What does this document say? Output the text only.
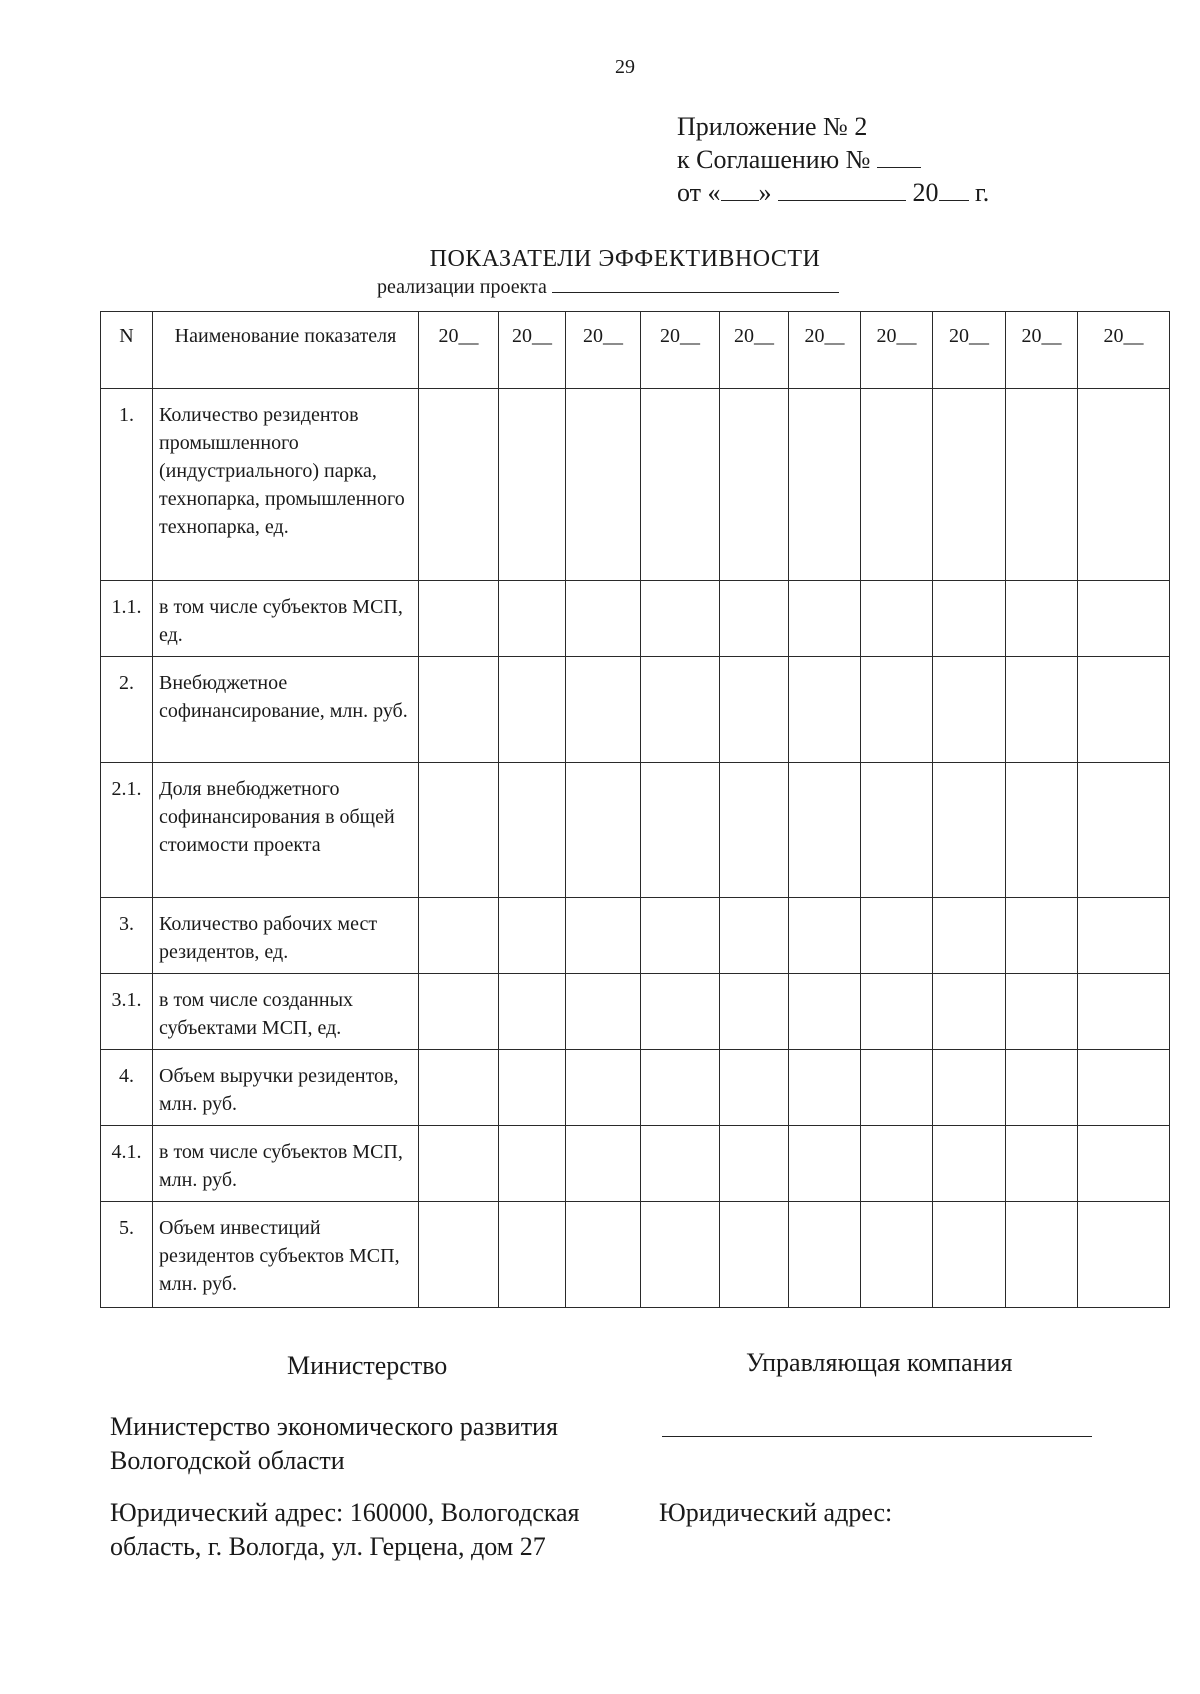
29
Приложение № 2
к Соглашению №
от « »	20 г.
ПОКАЗАТЕЛИ ЭФФЕКТИВНОСТИ
реализации проекта
N	Наименование показателя	20__	20__	20__	20__	20__	20__	20__	20__	20__	20__
1.	Количество резидентов промышленного (индустриального) парка, технопарка, промышленного технопарка, ед.										
1.1.	в том числе субъектов МСП, ед.										
2.	Внебюджетное софинансирование, млн. руб.										
2.1.	Доля внебюджетного софинансирования в общей стоимости проекта										
3.	Количество рабочих мест резидентов, ед.										
3.1.	в том числе созданных субъектами МСП, ед.										
4.	Объем выручки резидентов, млн. руб.										
4.1.	в том числе субъектов МСП, млн. руб.										
5.	Объем инвестиций резидентов субъектов МСП, млн. руб.										
Министерство	Управляющая компания
Министерство экономического развития Вологодской области
Юридический адрес: 160000, Вологодская область, г. Вологда, ул. Герцена, дом 27
Юридический адрес:
